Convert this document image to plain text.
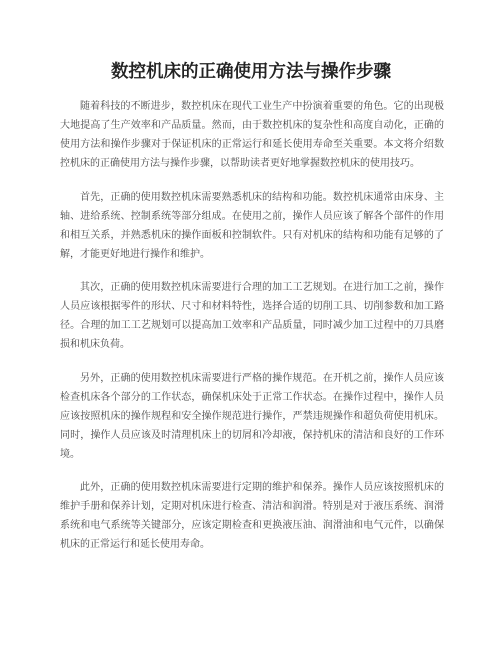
数控机床的正确使用方法与操作步骤

随着科技的不断进步，数控机床在现代工业生产中扮演着重要的角色。它的出现极大地提高了生产效率和产品质量。然而，由于数控机床的复杂性和高度自动化，正确的使用方法和操作步骤对于保证机床的正常运行和延长使用寿命至关重要。本文将介绍数控机床的正确使用方法与操作步骤，以帮助读者更好地掌握数控机床的使用技巧。

首先，正确的使用数控机床需要熟悉机床的结构和功能。数控机床通常由床身、主轴、进给系统、控制系统等部分组成。在使用之前，操作人员应该了解各个部件的作用和相互关系，并熟悉机床的操作面板和控制软件。只有对机床的结构和功能有足够的了解，才能更好地进行操作和维护。

其次，正确的使用数控机床需要进行合理的加工工艺规划。在进行加工之前，操作人员应该根据零件的形状、尺寸和材料特性，选择合适的切削工具、切削参数和加工路径。合理的加工工艺规划可以提高加工效率和产品质量，同时减少加工过程中的刀具磨损和机床负荷。

另外，正确的使用数控机床需要进行严格的操作规范。在开机之前，操作人员应该检查机床各个部分的工作状态，确保机床处于正常工作状态。在操作过程中，操作人员应该按照机床的操作规程和安全操作规范进行操作，严禁违规操作和超负荷使用机床。同时，操作人员应该及时清理机床上的切屑和冷却液，保持机床的清洁和良好的工作环境。

此外，正确的使用数控机床需要进行定期的维护和保养。操作人员应该按照机床的维护手册和保养计划，定期对机床进行检查、清洁和润滑。特别是对于液压系统、润滑系统和电气系统等关键部分，应该定期检查和更换液压油、润滑油和电气元件，以确保机床的正常运行和延长使用寿命。
